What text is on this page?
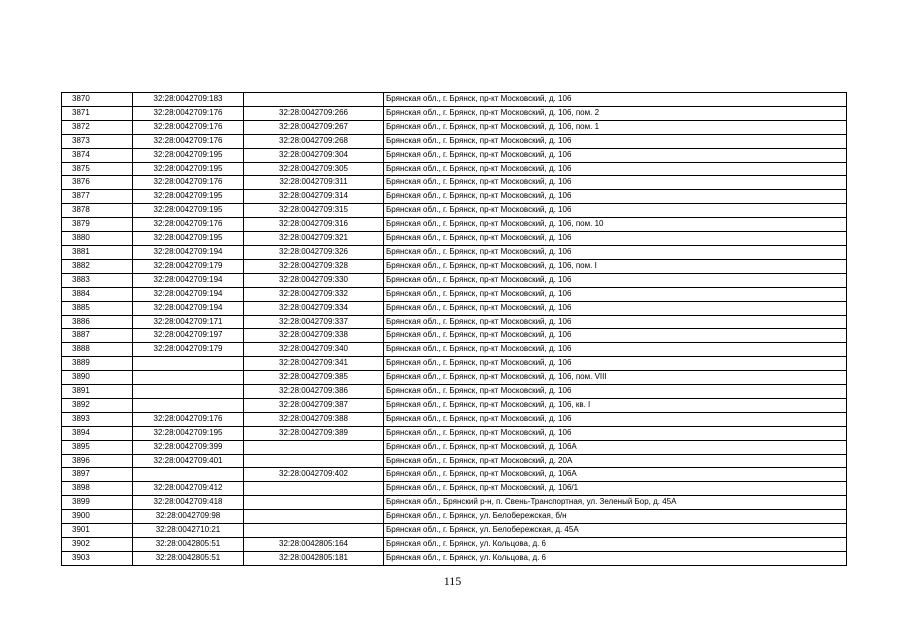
3870	32:28:0042709:183		Брянская обл., г. Брянск, пр-кт Московский, д. 106
3871	32:28:0042709:176	32:28:0042709:266	Брянская обл., г. Брянск, пр-кт Московский, д. 106, пом. 2
3872	32:28:0042709:176	32:28:0042709:267	Брянская обл., г. Брянск, пр-кт Московский, д. 106, пом. 1
3873	32:28:0042709:176	32:28:0042709:268	Брянская обл., г. Брянск, пр-кт Московский, д. 106
3874	32:28:0042709:195	32:28:0042709:304	Брянская обл., г. Брянск, пр-кт Московский, д. 106
3875	32:28:0042709:195	32:28:0042709:305	Брянская обл., г. Брянск, пр-кт Московский, д. 106
3876	32:28:0042709:176	32:28:0042709:311	Брянская обл., г. Брянск, пр-кт Московский, д. 106
3877	32:28:0042709:195	32:28:0042709:314	Брянская обл., г. Брянск, пр-кт Московский, д. 106
3878	32:28:0042709:195	32:28:0042709:315	Брянская обл., г. Брянск, пр-кт Московский, д. 106
3879	32:28:0042709:176	32:28:0042709:316	Брянская обл., г. Брянск, пр-кт Московский, д. 106, пом. 10
3880	32:28:0042709:195	32:28:0042709:321	Брянская обл., г. Брянск, пр-кт Московский, д. 106
3881	32:28:0042709:194	32:28:0042709:326	Брянская обл., г. Брянск, пр-кт Московский, д. 106
3882	32:28:0042709:179	32:28:0042709:328	Брянская обл., г. Брянск, пр-кт Московский, д. 106, пом. I
3883	32:28:0042709:194	32:28:0042709:330	Брянская обл., г. Брянск, пр-кт Московский, д. 106
3884	32:28:0042709:194	32:28:0042709:332	Брянская обл., г. Брянск, пр-кт Московский, д. 106
3885	32:28:0042709:194	32:28:0042709:334	Брянская обл., г. Брянск, пр-кт Московский, д. 106
3886	32:28:0042709:171	32:28:0042709:337	Брянская обл., г. Брянск, пр-кт Московский, д. 106
3887	32:28:0042709:197	32:28:0042709:338	Брянская обл., г. Брянск, пр-кт Московский, д. 106
3888	32:28:0042709:179	32:28:0042709:340	Брянская обл., г. Брянск, пр-кт Московский, д. 106
3889		32:28:0042709:341	Брянская обл., г. Брянск, пр-кт Московский, д. 106
3890		32:28:0042709:385	Брянская обл., г. Брянск, пр-кт Московский, д. 106, пом. VIII
3891		32:28:0042709:386	Брянская обл., г. Брянск, пр-кт Московский, д. 106
3892		32:28:0042709:387	Брянская обл., г. Брянск, пр-кт Московский, д. 106, кв. I
3893	32:28:0042709:176	32:28:0042709:388	Брянская обл., г. Брянск, пр-кт Московский, д. 106
3894	32:28:0042709:195	32:28:0042709:389	Брянская обл., г. Брянск, пр-кт Московский, д. 106
3895	32:28:0042709:399		Брянская обл., г. Брянск, пр-кт Московский, д. 106А
3896	32:28:0042709:401		Брянская обл., г. Брянск, пр-кт Московский, д. 20А
3897		32:28:0042709:402	Брянская обл., г. Брянск, пр-кт Московский, д. 106А
3898	32:28:0042709:412		Брянская обл., г. Брянск, пр-кт Московский, д. 106/1
3899	32:28:0042709:418		Брянская обл., Брянский р-н, п. Свень-Транспортная, ул. Зеленый Бор, д. 45А
3900	32:28:0042709:98		Брянская обл., г. Брянск, ул. Белобережская, б/н
3901	32:28:0042710:21		Брянская обл., г. Брянск, ул. Белобережская, д. 45А
3902	32:28:0042805:51	32:28:0042805:164	Брянская обл., г. Брянск, ул. Кольцова, д. 6
3903	32:28:0042805:51	32:28:0042805:181	Брянская обл., г. Брянск, ул. Кольцова, д. 6
115
